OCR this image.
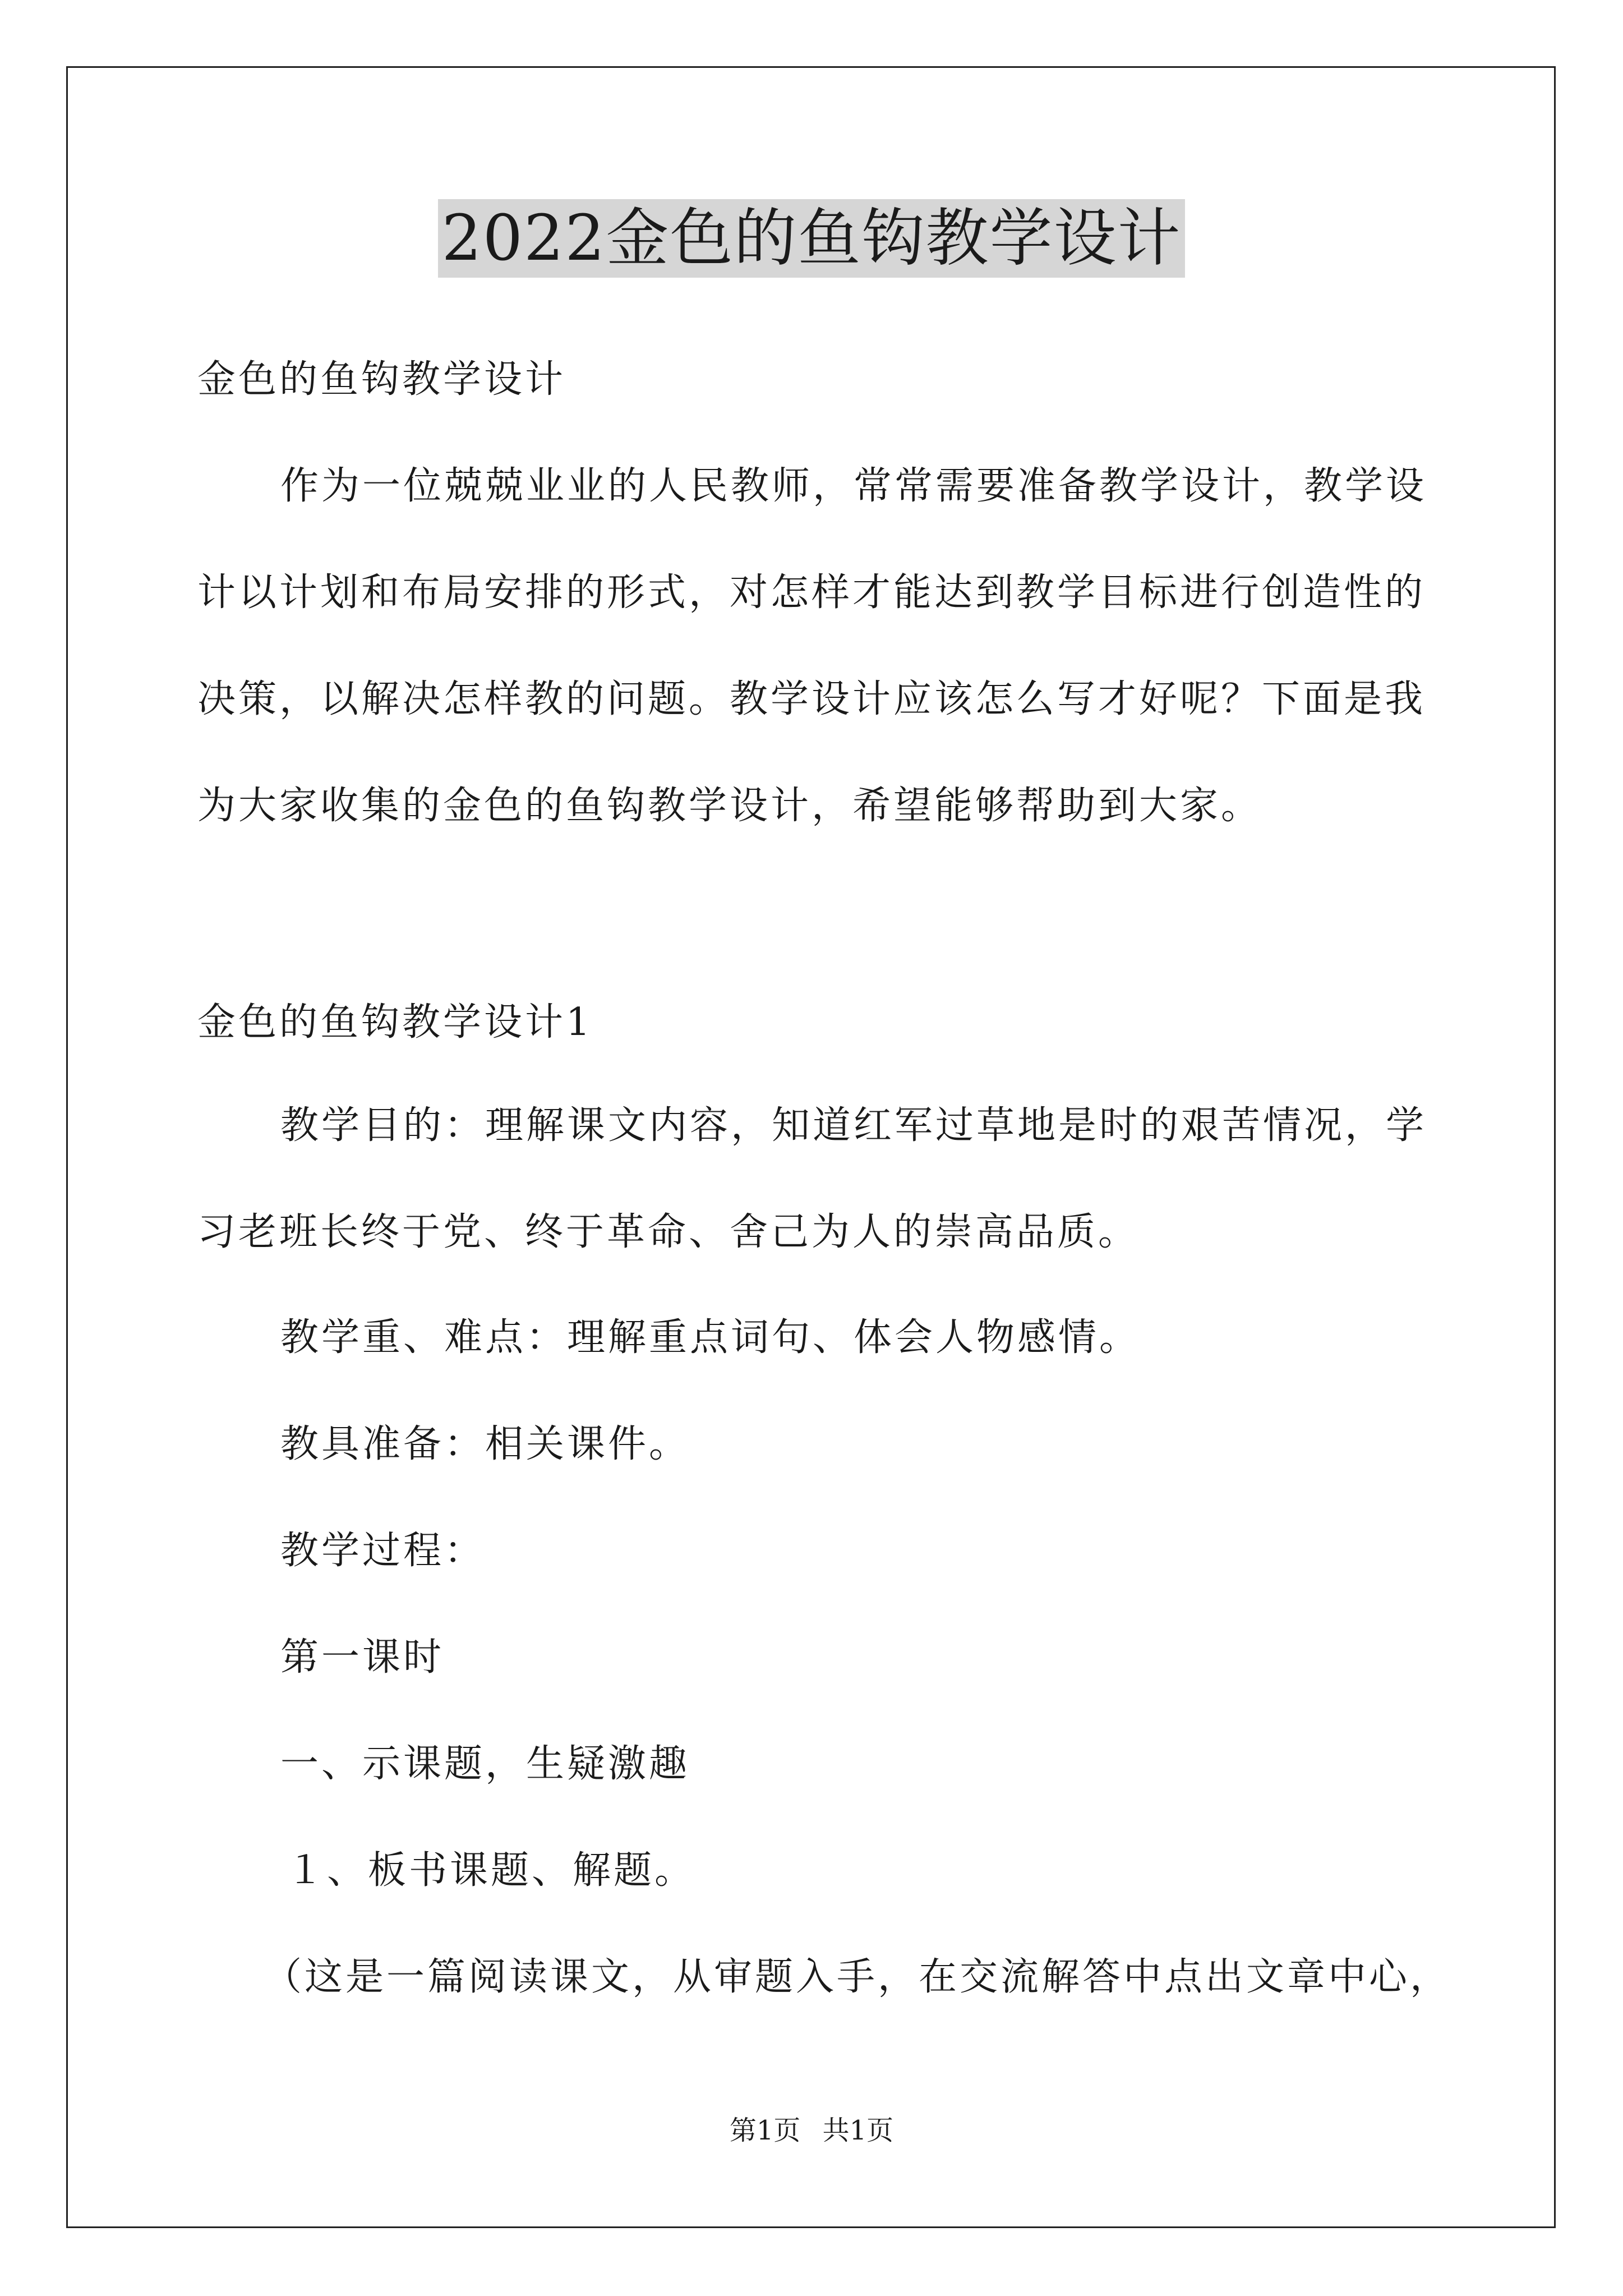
2022金色的鱼钩教学设计
金色的鱼钩教学设计
作为一位兢兢业业的人民教师，常常需要准备教学设计，教学设
计以计划和布局安排的形式，对怎样才能达到教学目标进行创造性的
决策，以解决怎样教的问题。教学设计应该怎么写才好呢？下面是我
为大家收集的金色的鱼钩教学设计，希望能够帮助到大家。
金色的鱼钩教学设计1
教学目的：理解课文内容，知道红军过草地是时的艰苦情况，学
习老班长终于党、终于革命、舍己为人的崇高品质。
教学重、难点：理解重点词句、体会人物感情。
教具准备：相关课件。
教学过程：
第一课时
一、示课题，生疑激趣
１、板书课题、解题。
（这是一篇阅读课文，从审题入手，在交流解答中点出文章中心，
第1页 共1页
